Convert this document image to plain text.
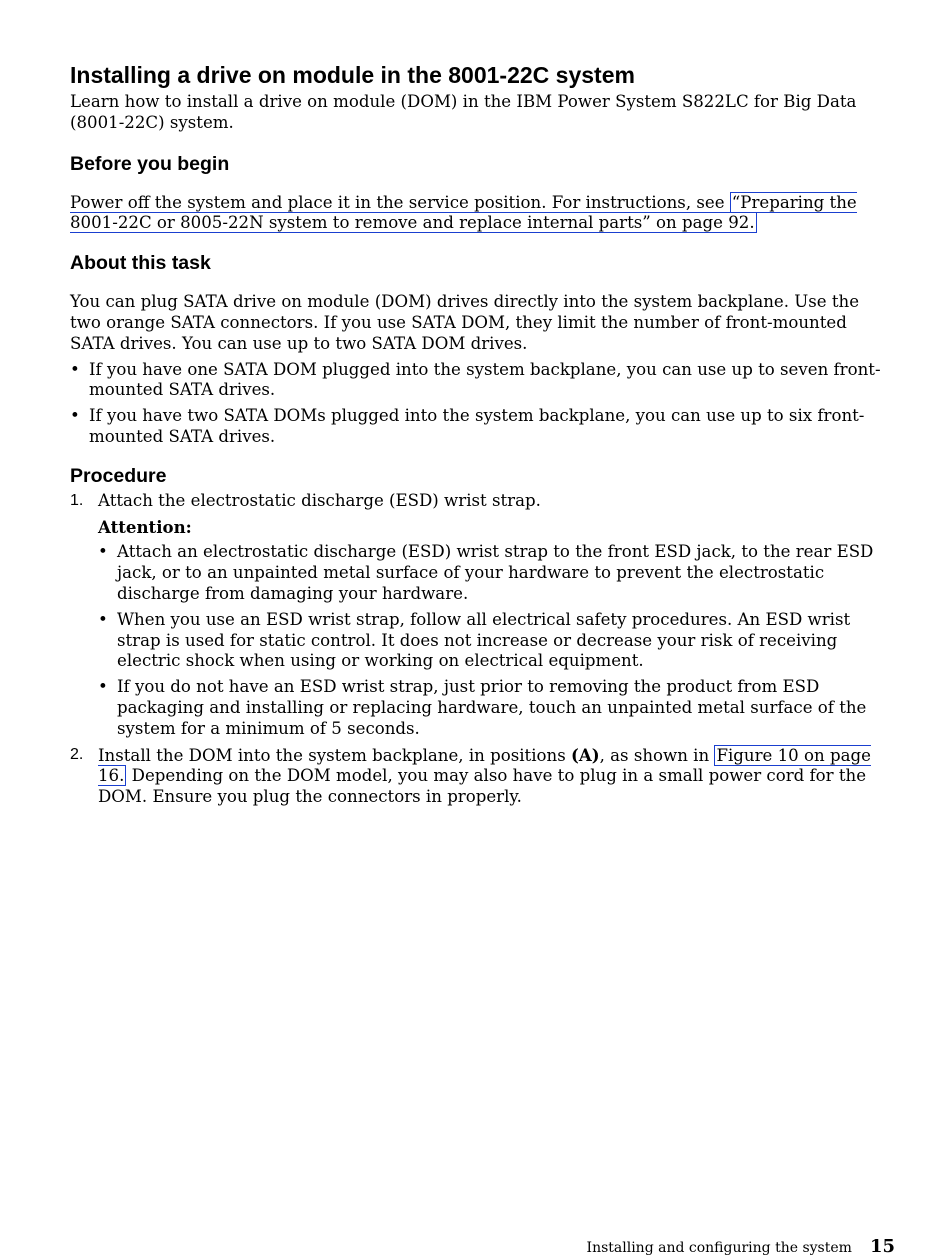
Installing a drive on module in the 8001-22C system

Learn how to install a drive on module (DOM) in the IBM Power System S822LC for Big Data (8001-22C) system.

Before you begin

Power off the system and place it in the service position. For instructions, see “Preparing the 8001-22C or 8005-22N system to remove and replace internal parts” on page 92.

About this task

You can plug SATA drive on module (DOM) drives directly into the system backplane. Use the two orange SATA connectors. If you use SATA DOM, they limit the number of front-mounted SATA drives. You can use up to two SATA DOM drives.

• If you have one SATA DOM plugged into the system backplane, you can use up to seven front-mounted SATA drives.
• If you have two SATA DOMs plugged into the system backplane, you can use up to six front-mounted SATA drives.
Procedure
1. Attach the electrostatic discharge (ESD) wrist strap.
Attention:
• Attach an electrostatic discharge (ESD) wrist strap to the front ESD jack, to the rear ESD jack, or to an unpainted metal surface of your hardware to prevent the electrostatic discharge from damaging your hardware.
• When you use an ESD wrist strap, follow all electrical safety procedures. An ESD wrist strap is used for static control. It does not increase or decrease your risk of receiving electric shock when using or working on electrical equipment.
• If you do not have an ESD wrist strap, just prior to removing the product from ESD packaging and installing or replacing hardware, touch an unpainted metal surface of the system for a minimum of 5 seconds.
2. Install the DOM into the system backplane, in positions (A), as shown in Figure 10 on page 16. Depending on the DOM model, you may also have to plug in a small power cord for the DOM. Ensure you plug the connectors in properly.
Installing and configuring the system 15
